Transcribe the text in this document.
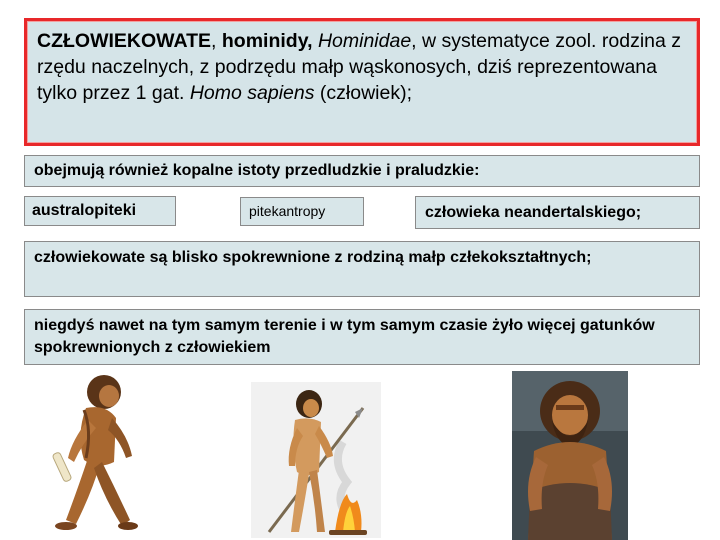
CZŁOWIEKOWATE, hominidy, Hominidae, w systematyce zool. rodzina z rzędu naczelnych, z podrzędu małp wąskonosych, dziś reprezentowana tylko przez 1 gat. Homo sapiens (człowiek);
obejmują również kopalne istoty przedludzkie i praludzkie:
australopiteki	pitekantropy	człowieka neandertalskiego;
człowiekowate są blisko spokrewnione z rodziną małp człekokształtnych;
niegdyś nawet na tym samym terenie i w tym samym czasie żyło więcej gatunków spokrewnionych z człowiekiem
